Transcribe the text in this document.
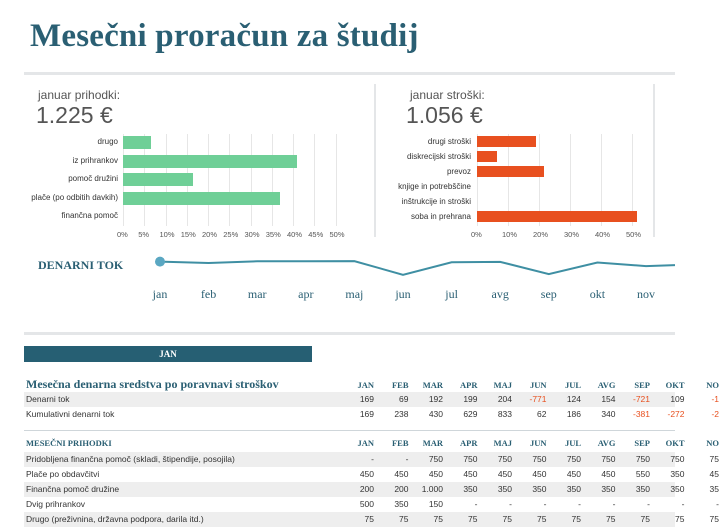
Mesečni proračun za študij
januar prihodki:
1.225 €
0% 5% 10% 15% 20% 25% 30% 35% 40% 45% 50%
drugo
iz prihrankov
pomoč družini
plače (po odbitih davkih)
finančna pomoč
januar stroški:
1.056 €
0%	10% 20% 30% 40% 50%
drugi stroški
diskrecijski stroški
prevoz
knjige in potrebščine
inštrukcije in stroški
soba in prehrana
DENARNI TOK
JAN
Mesečna denarna sredstva po poravnavi stroškov	JAN	FEB	MAR	APR	MAJ	JUN	JUL	AVG	SEP	OKT	NO
Denarni tok	169	69	192	199	204	-771	124	154	-721	109	-1
Kumulativni denarni tok	169	238	430	629	833	62	186	340	-381	-272	-2
MESEČNI PRIHODKI	JAN	FEB	MAR	APR	MAJ	JUN	JUL	AVG	SEP	OKT	NO
Pridobljena finančna pomoč (skladi, štipendije, posojila)	-	-	750	750	750	750	750	750	750	750	75
Plače po obdavčitvi	450	450	450	450	450	450	450	450	550	350	45
Finančna pomoč družine	200	200	1.000	350	350	350	350	350	350	350	35
Dvig prihrankov	500	350	150	-	-	-	-	-	-	-	-
Drugo (preživnina, državna podpora, darila itd.)	75	75	75	75	75	75	75	75	75	75	75
jan	feb	mar	apr	maj	jun	jul	avg	sep	okt	nov
